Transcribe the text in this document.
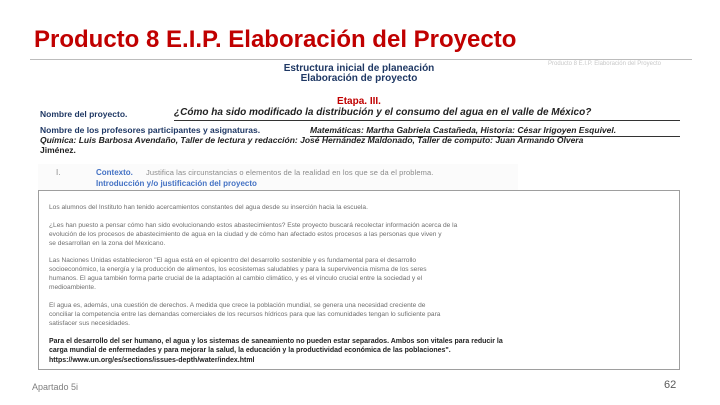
Producto 8 E.I.P. Elaboración del Proyecto
Producto 8 E.I.P. Elaboración del Proyecto
Estructura inicial de planeación
Elaboración de proyecto
Etapa. III.
Nombre del proyecto.	¿Cómo ha sido modificado la distribución y el consumo del agua en el valle de México?
Nombre de los profesores participantes y asignaturas.	Matemáticas: Martha Gabriela Castañeda, Historia: César Irigoyen Esquivel.
Química: Luis Barbosa Avendaño, Taller de lectura y redacción: José Hernández Maldonado, Taller de computo: Juan Armando Olvera
Jiménez.
I.	Contexto. Justifica las circunstancias o elementos de la realidad en los que se da el problema.
Introducción y/o justificación del proyecto
Los alumnos del Instituto han tenido acercamientos constantes del agua desde su inserción hacia la escuela.
¿Les han puesto a pensar cómo han sido evolucionando estos abastecimientos? Este proyecto buscará recolectar información acerca de la
evolución de los procesos de abastecimiento de agua en la ciudad y de cómo han afectado estos procesos a las personas que viven y
se desarrollan en la zona del Mexicano.
Las Naciones Unidas establecieron "El agua está en el epicentro del desarrollo sostenible y es fundamental para el desarrollo
socioeconómico, la energía y la producción de alimentos, los ecosistemas saludables y para la supervivencia misma de los seres
humanos. El agua también forma parte crucial de la adaptación al cambio climático, y es el vínculo crucial entre la sociedad y el
medioambiente.
El agua es, además, una cuestión de derechos. A medida que crece la población mundial, se genera una necesidad creciente de
conciliar la competencia entre las demandas comerciales de los recursos hídricos para que las comunidades tengan lo suficiente para
satisfacer sus necesidades.
Para el desarrollo del ser humano, el agua y los sistemas de saneamiento no pueden estar separados. Ambos son vitales para reducir la
carga mundial de enfermedades y para mejorar la salud, la educación y la productividad económica de las poblaciones".
https://www.un.org/es/sections/issues-depth/water/index.html
Apartado 5i	62
